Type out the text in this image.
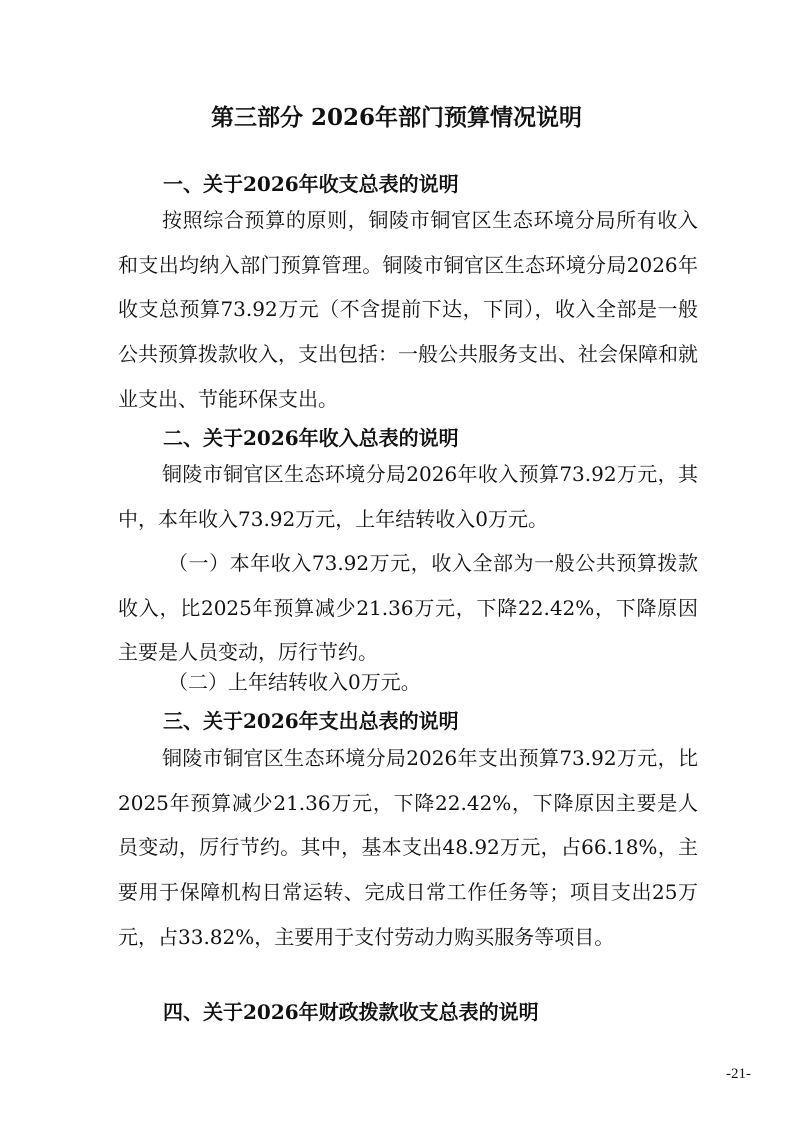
第三部分 2026年部门预算情况说明
一、关于2026年收支总表的说明
按照综合预算的原则，铜陵市铜官区生态环境分局所有收入和支出均纳入部门预算管理。铜陵市铜官区生态环境分局2026年收支总预算73.92万元（不含提前下达，下同），收入全部是一般公共预算拨款收入，支出包括：一般公共服务支出、社会保障和就业支出、节能环保支出。
二、关于2026年收入总表的说明
铜陵市铜官区生态环境分局2026年收入预算73.92万元，其中，本年收入73.92万元，上年结转收入0万元。
（一）本年收入73.92万元，收入全部为一般公共预算拨款收入，比2025年预算减少21.36万元，下降22.42%，下降原因主要是人员变动，厉行节约。
（二）上年结转收入0万元。
三、关于2026年支出总表的说明
铜陵市铜官区生态环境分局2026年支出预算73.92万元，比2025年预算减少21.36万元，下降22.42%，下降原因主要是人员变动，厉行节约。其中，基本支出48.92万元，占66.18%，主要用于保障机构日常运转、完成日常工作任务等；项目支出25万元，占33.82%，主要用于支付劳动力购买服务等项目。
四、关于2026年财政拨款收支总表的说明
-21-
